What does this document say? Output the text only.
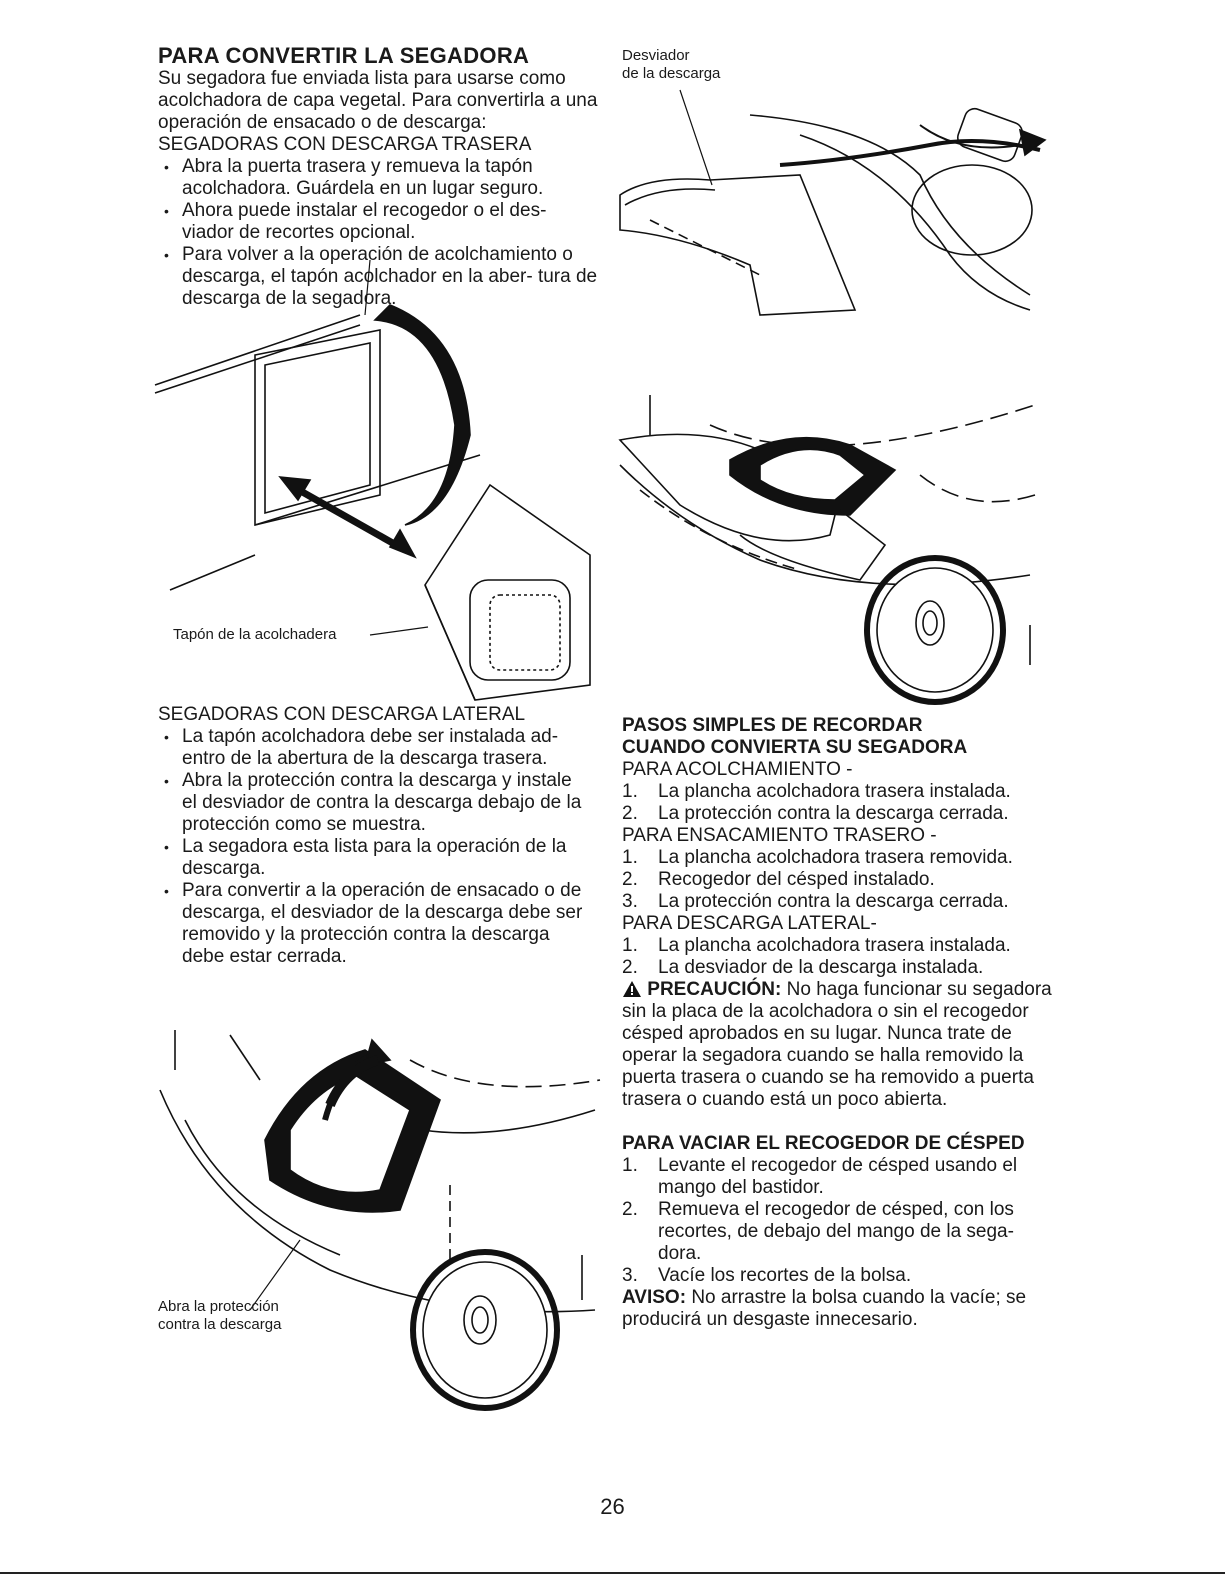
PARA CONVERTIR LA SEGADORA
Su segadora fue enviada lista para usarse como acolchadora de capa vegetal. Para convertirla a una operación de ensacado o de descarga:
SEGADORAS CON DESCARGA TRASERA
• Abra la puerta trasera y remueva la tapón acolchadora. Guárdela en un lugar seguro.
• Ahora puede instalar el recogedor o el des- viador de recortes opcional.
• Para volver a la operación de acolchamiento o descarga, el tapón acolchador en la aber- tura de descarga de la segadora.
Tapón de la acolchadera
SEGADORAS CON DESCARGA LATERAL
• La tapón acolchadora debe ser instalada ad- entro de la abertura de la descarga trasera.
• Abra la protección contra la descarga y instale el desviador de contra la descarga debajo de la protección como se muestra.
• La segadora esta lista para la operación de la descarga.
• Para convertir a la operación de ensacado o de descarga, el desviador de la descarga debe ser removido y la protección contra la descarga debe estar cerrada.
Abra la protección
contra la descarga
Desviador
de la descarga
PASOS SIMPLES DE RECORDAR
CUANDO CONVIERTA SU SEGADORA
PARA ACOLCHAMIENTO -
1. La plancha acolchadora trasera instalada.
2. La protección contra la descarga cerrada.
PARA ENSACAMIENTO TRASERO -
1. La plancha acolchadora trasera removida.
2. Recogedor del césped instalado.
3. La protección contra la descarga cerrada.
PARA DESCARGA LATERAL-
1. La plancha acolchadora trasera instalada.
2. La desviador de la descarga instalada.
PRECAUCIÓN: No haga funcionar su segadora sin la placa de la acolchadora o sin el recogedor césped aprobados en su lugar. Nunca trate de operar la segadora cuando se halla removido la puerta trasera o cuando se ha removido a puerta trasera o cuando está un poco abierta.
PARA VACIAR EL RECOGEDOR DE CÉSPED
1. Levante el recogedor de césped usando el mango del bastidor.
2. Remueva el recogedor de césped, con los recortes, de debajo del mango de la sega- dora.
3. Vacíe los recortes de la bolsa.
AVISO: No arrastre la bolsa cuando la vacíe; se producirá un desgaste innecesario.
26
